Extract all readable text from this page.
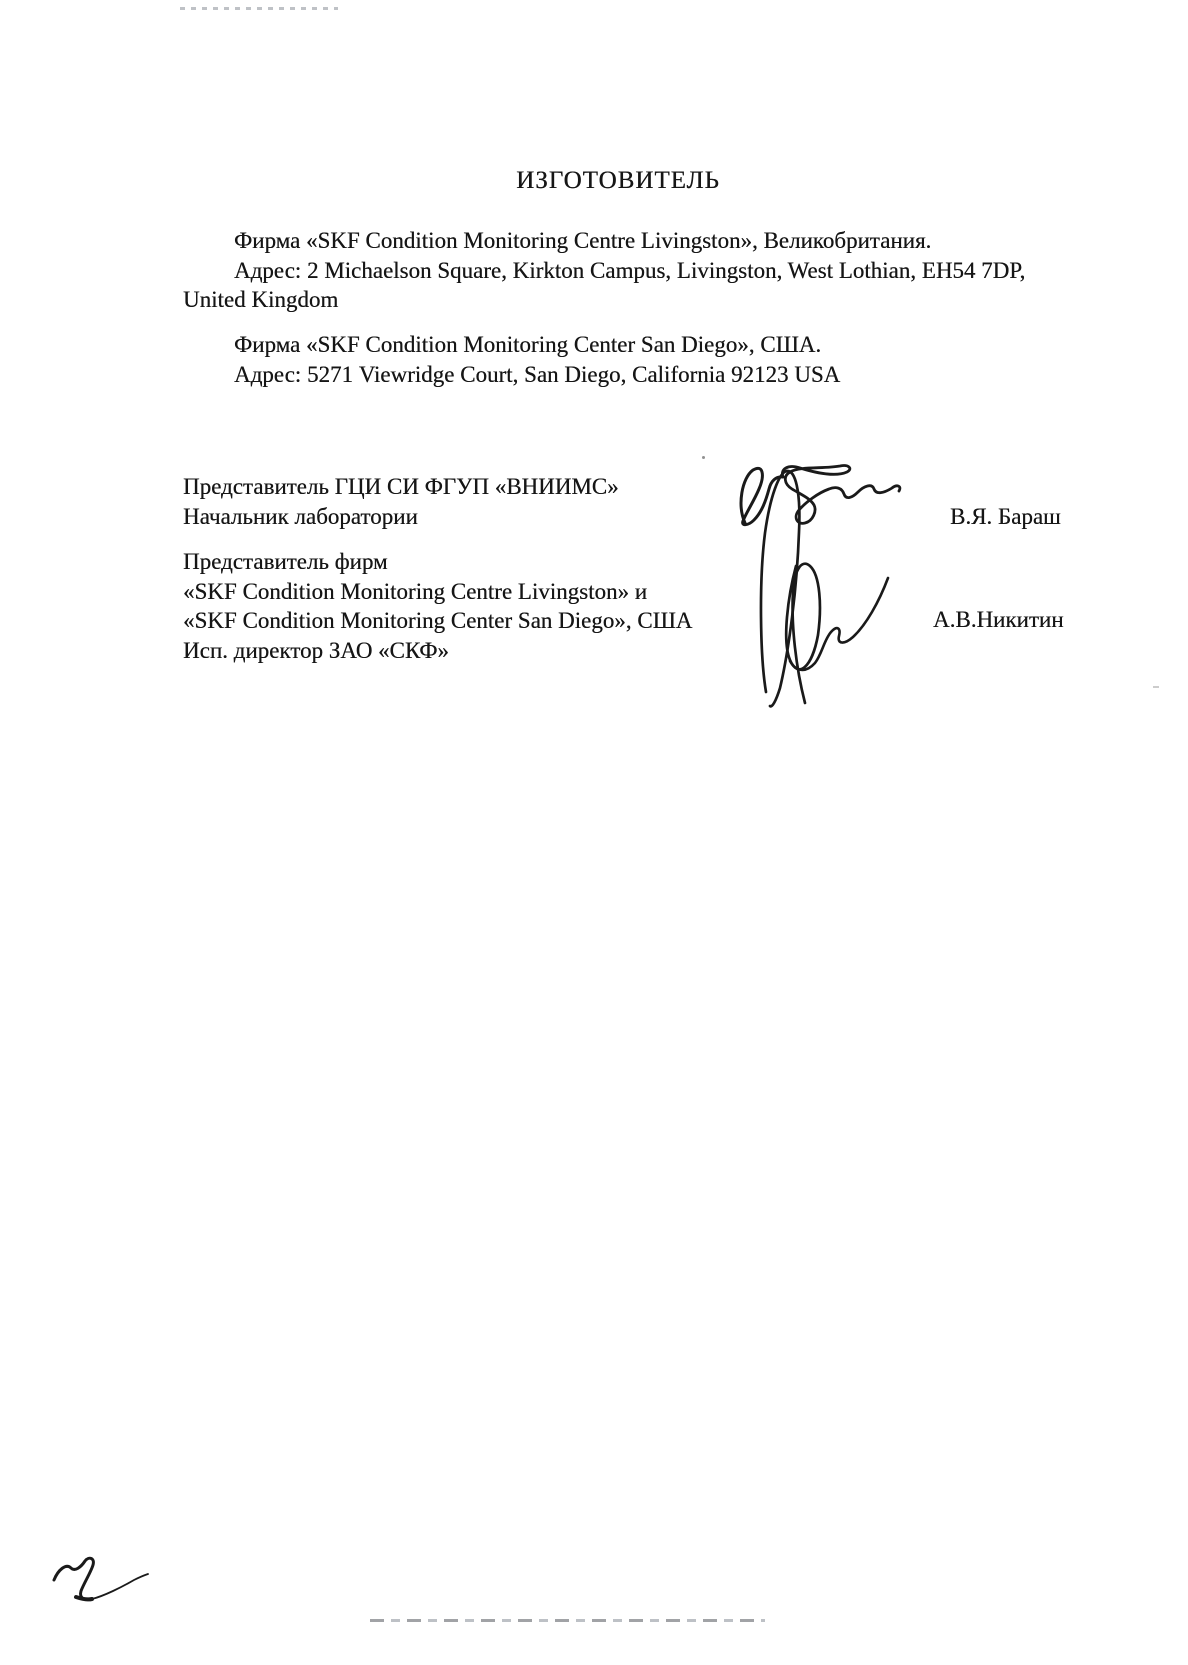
ИЗГОТОВИТЕЛЬ
Фирма «SKF Condition Monitoring Centre Livingston», Великобритания.
Адрес: 2 Michaelson Square, Kirkton Campus, Livingston, West Lothian, EH54 7DP,
United Kingdom
Фирма «SKF Condition Monitoring Center San Diego», США.
Адрес: 5271 Viewridge Court, San Diego, California 92123 USA
Представитель ГЦИ СИ ФГУП «ВНИИМС»
Начальник лаборатории	В.Я. Бараш
Представитель фирм
«SKF Condition Monitoring Centre Livingston» и
«SKF Condition Monitoring Center San Diego», США
Исп. директор ЗАО «СКФ»
А.В.Никитин
